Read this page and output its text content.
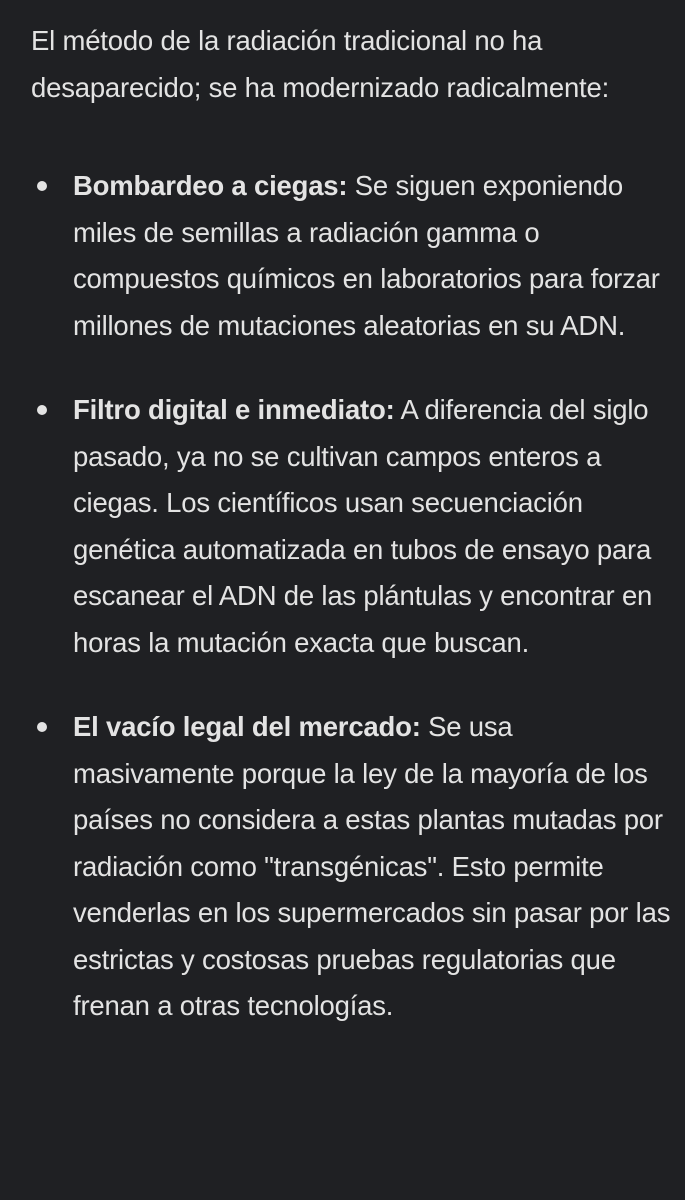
El método de la radiación tradicional no ha desaparecido; se ha modernizado radicalmente:

Bombardeo a ciegas: Se siguen exponiendo miles de semillas a radiación gamma o compuestos químicos en laboratorios para forzar millones de mutaciones aleatorias en su ADN.
Filtro digital e inmediato: A diferencia del siglo pasado, ya no se cultivan campos enteros a ciegas. Los científicos usan secuenciación genética automatizada en tubos de ensayo para escanear el ADN de las plántulas y encontrar en horas la mutación exacta que buscan.
El vacío legal del mercado: Se usa masivamente porque la ley de la mayoría de los países no considera a estas plantas mutadas por radiación como "transgénicas". Esto permite venderlas en los supermercados sin pasar por las estrictas y costosas pruebas regulatorias que frenan a otras tecnologías.
